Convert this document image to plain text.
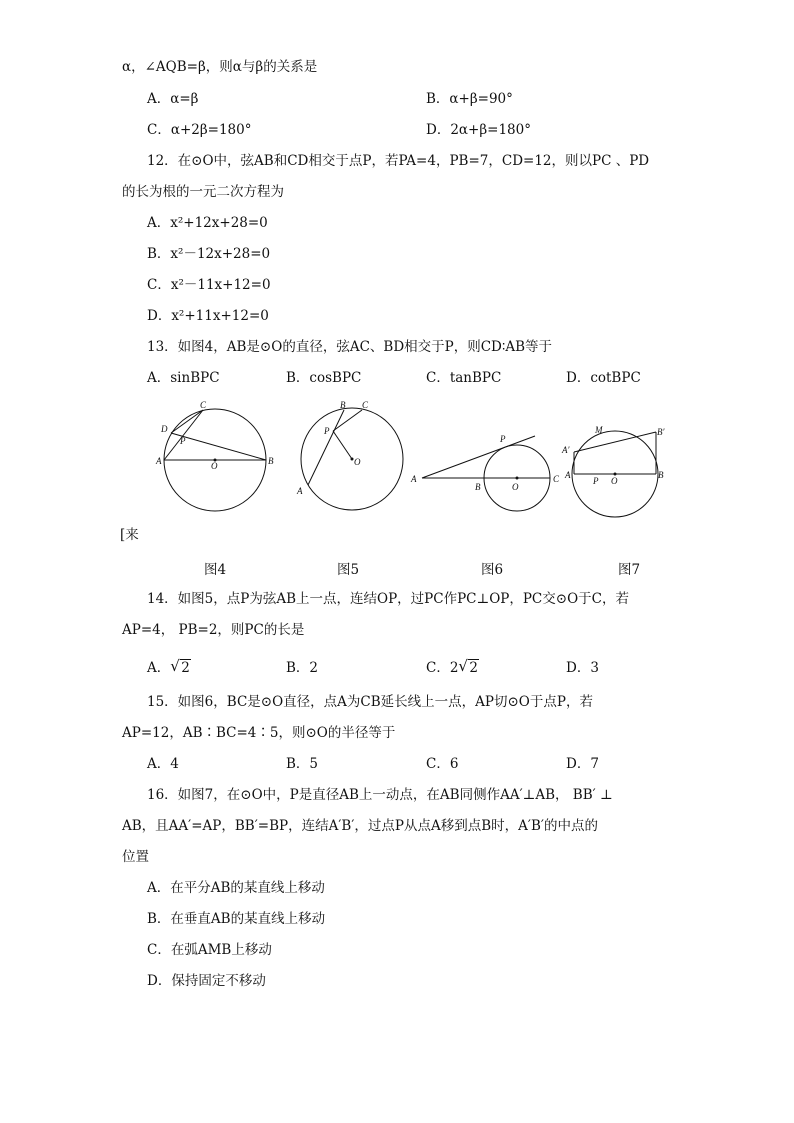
α，∠AQB=β，则α与β的关系是
A．α=β	B．α+β=90°
C．α+2β=180°	D．2α+β=180°
12．在⊙O中，弦AB和CD相交于点P，若PA=4，PB=7，CD=12，则以PC 、PD
的长为根的一元二次方程为
A．x²+12x+28=0
B．x²－12x+28=0
C．x²－11x+12=0
D．x²+11x+12=0
13．如图4，AB是⊙O的直径，弦AC、BD相交于P，则CD∶AB等于
A．sinBPC	B．cosBPC	C．tanBPC	D．cotBPC
C
D
P
A	O	B
B C
P
O
A
P
A
B	O
C
M	B′
A′
A
P O
B
[来
图4	图5	图6	图7
14．如图5，点P为弦AB上一点，连结OP，过PC作PC⊥OP，PC交⊙O于C，若
AP=4， PB=2，则PC的长是
A． √ 2	B．2	C．2 √ 2	D．3
15．如图6，BC是⊙O直径，点A为CB延长线上一点，AP切⊙O于点P，若
AP=12，AB∶BC=4∶5，则⊙O的半径等于
A．4	B．5	C．6	D．7
16．如图7，在⊙O中，P是直径AB上一动点，在AB同侧作AA′⊥AB， BB′ ⊥
AB，且AA′=AP，BB′=BP，连结A′B′，过点P从点A移到点B时，A′B′的中点的
位置
A．在平分AB的某直线上移动
B．在垂直AB的某直线上移动
C．在弧AMB上移动
D．保持固定不移动
